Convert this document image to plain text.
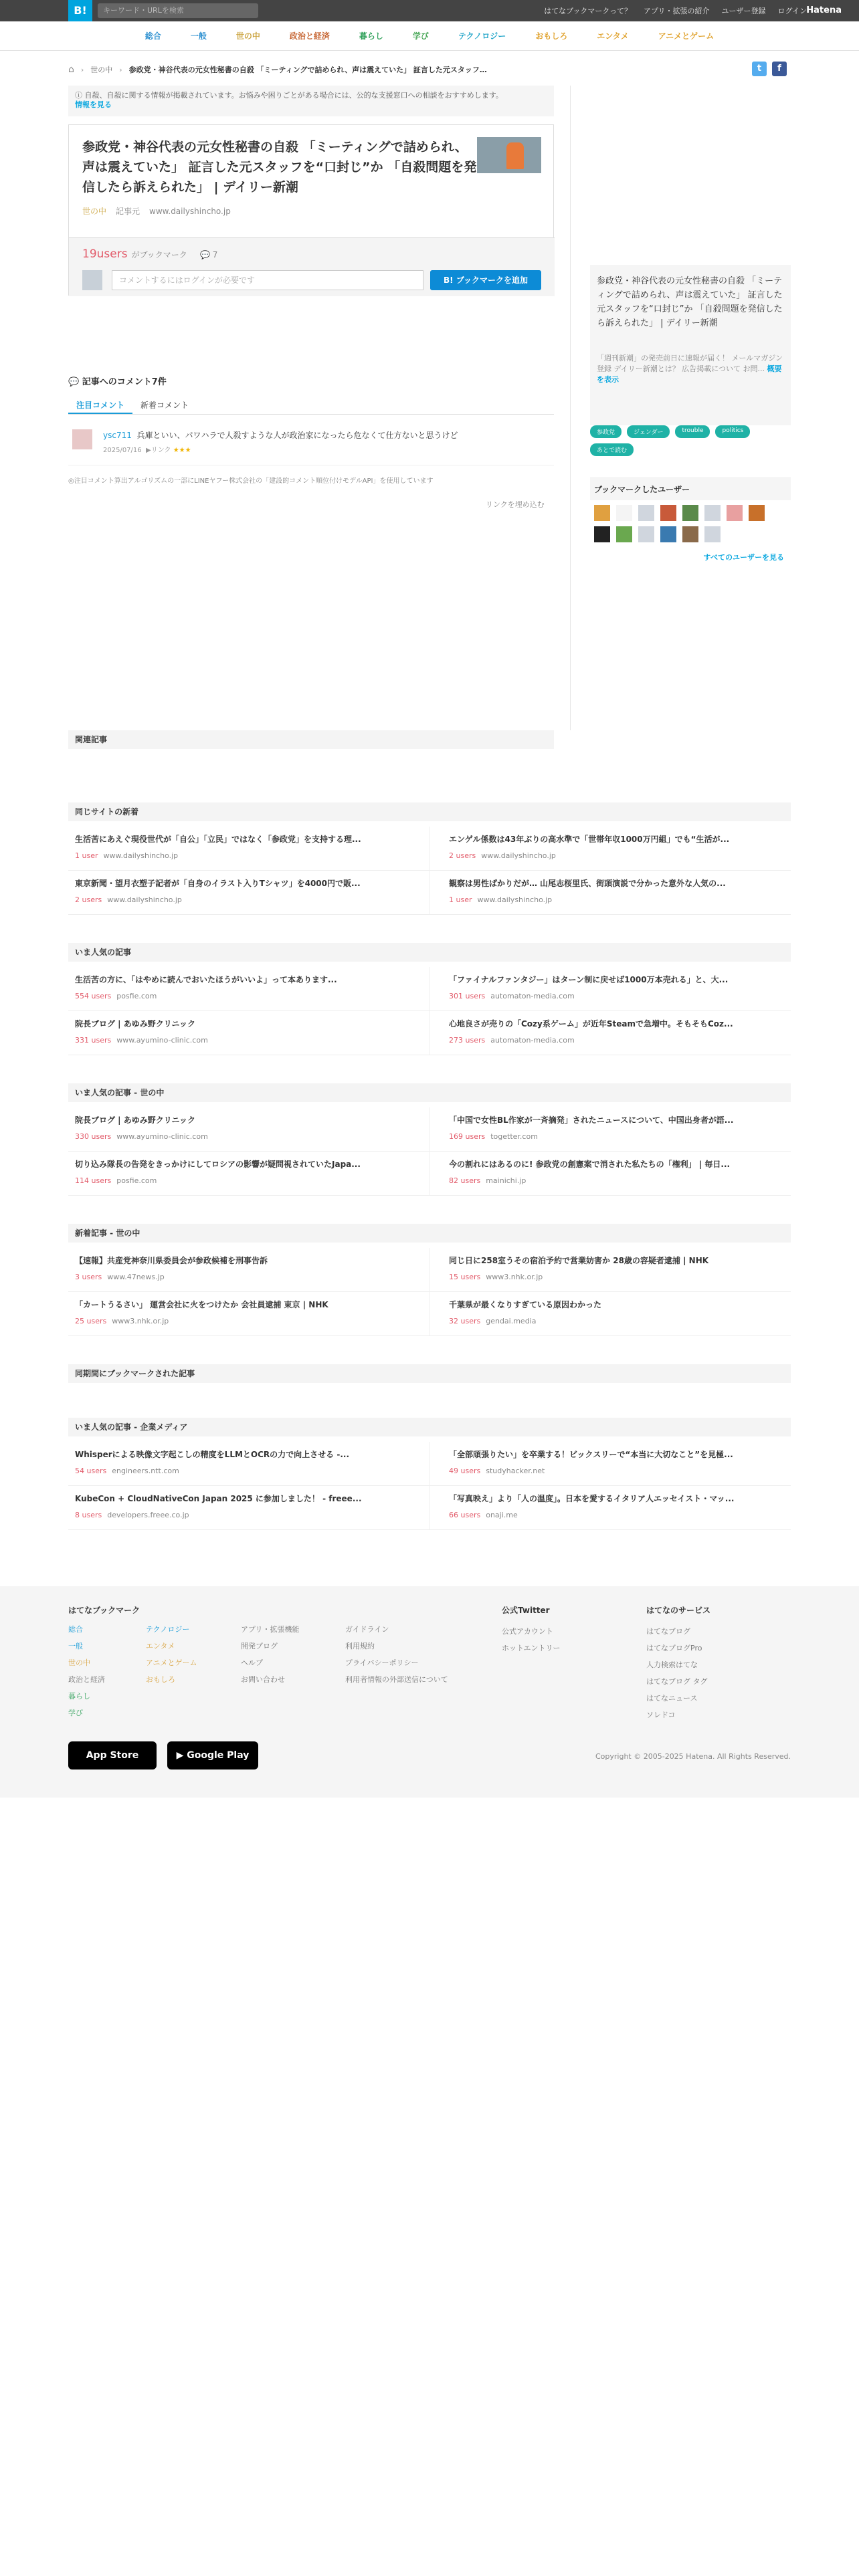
B!	キーワード・URLを検索	はてなブックマークって？ アプリ・拡張の紹介 ユーザー登録 ログイン Hatena
総合	一般	世の中	政治と経済	暮らし	学び	テクノロジー	おもしろ	エンタメ	アニメとゲーム
⌂ › 世の中 › 参政党・神谷代表の元女性秘書の自殺 「ミーティングで詰められ、声は震えていた」 証言した元スタッフ…	t	f
ⓘ 自殺、自殺に関する情報が掲載されています。お悩みや困りごとがある場合には、公的な支援窓口への相談をおすすめします。
情報を見る
参政党・神谷代表の元女性秘書の自殺 「ミーティングで詰められ、声は震えていた」 証言した元スタッフを“口封じ”か 「自殺問題を発信したら訴えられた」 | デイリー新潮
世の中 記事元 www.dailyshincho.jp
19users がブックマーク 💬 7
コメントするにはログインが必要です	B! ブックマークを追加	参政党・神谷代表の元女性秘書の自殺 「ミーティングで詰められ、声は震えていた」 証言した元スタッフを“口封じ”か 「自殺問題を発信したら訴えられた」 | デイリー新潮
「週刊新潮」の発売前日に速報が届く！ メールマガジン登録 デイリー新潮とは？ 広告掲載について お問... 概要を表示
参政党	ジェンダー	trouble	politics
あとで読む
ブックマークしたユーザー
すべてのユーザーを見る
💬 記事へのコメント7件
注目コメント	新着コメント
ysc711 兵庫といい、パワハラで人殺すような人が政治家になったら危なくて仕方ないと思うけど
2025/07/16 ▶リンク ★★★
◎注目コメント算出アルゴリズムの一部にLINEヤフー株式会社の「建設的コメント順位付けモデルAPI」を使用しています
リンクを埋め込む
関連記事
同じサイトの新着
生活苦にあえぐ現役世代が「自公」「立民」ではなく「参政党」を支持する理...
1 user www.dailyshincho.jp
エンゲル係数は43年ぶりの高水準で「世帯年収1000万円組」でも“生活が...
2 users www.dailyshincho.jp
東京新聞・望月衣塑子記者が「自身のイラスト入りTシャツ」を4000円で販...
2 users www.dailyshincho.jp
観察は男性ばかりだが… 山尾志桜里氏、街頭演説で分かった意外な人気の...
1 user www.dailyshincho.jp
いま人気の記事
生活苦の方に、「はやめに読んでおいたほうがいいよ」って本あります...
554 users posfie.com
「ファイナルファンタジー」はターン制に戻せば1000万本売れる」と、大...
301 users automaton-media.com
院長ブログ | あゆみ野クリニック
331 users www.ayumino-clinic.com
心地良さが売りの「Cozy系ゲーム」が近年Steamで急増中。そもそもCoz...
273 users automaton-media.com
いま人気の記事 - 世の中
院長ブログ | あゆみ野クリニック
330 users www.ayumino-clinic.com
「中国で女性BL作家が一斉摘発」されたニュースについて、中国出身者が語...
169 users togetter.com
切り込み隊長の告発をきっかけにしてロシアの影響が疑問視されていたJapa...
114 users posfie.com
今の割れにはあるのに! 参政党の創憲案で消された私たちの「権利」 | 毎日...
82 users mainichi.jp
新着記事 - 世の中
【速報】共産党神奈川県委員会が参政候補を刑事告訴
3 users www.47news.jp
同じ日に258室うその宿泊予約で営業妨害か 28歳の容疑者逮捕 | NHK
15 users www3.nhk.or.jp
「カートうるさい」 運営会社に火をつけたか 会社員逮捕 東京 | NHK
25 users www3.nhk.or.jp
千葉県が最くなりすぎている原因わかった
32 users gendai.media
同期間にブックマークされた記事
いま人気の記事 - 企業メディア
Whisperによる映像文字起こしの精度をLLMとOCRの力で向上させる -...
54 users engineers.ntt.com
「全部頑張りたい」を卒業する！ビックスリーで“本当に大切なこと”を見極...
49 users studyhacker.net
KubeCon + CloudNativeCon Japan 2025 に参加しました！ - freee...
8 users developers.freee.co.jp
「写真映え」より「人の温度」。日本を愛するイタリア人エッセイスト・マッ...
66 users onaji.me
はてなブックマーク
総合
一般
世の中
政治と経済
暮らし
学び
テクノロジー
エンタメ
アニメとゲーム
おもしろ
アプリ・拡張機能
開発ブログ
ヘルプ
お問い合わせ
ガイドライン
利用規約
プライバシーポリシー
利用者情報の外部送信について
公式Twitter
公式アカウント
ホットエントリー
はてなのサービス
はてなブログ
はてなブログPro
人力検索はてな
はてなブログ タグ
はてなニュース
ソレドコ
App Store	▶ Google Play	Copyright © 2005-2025 Hatena. All Rights Reserved.
